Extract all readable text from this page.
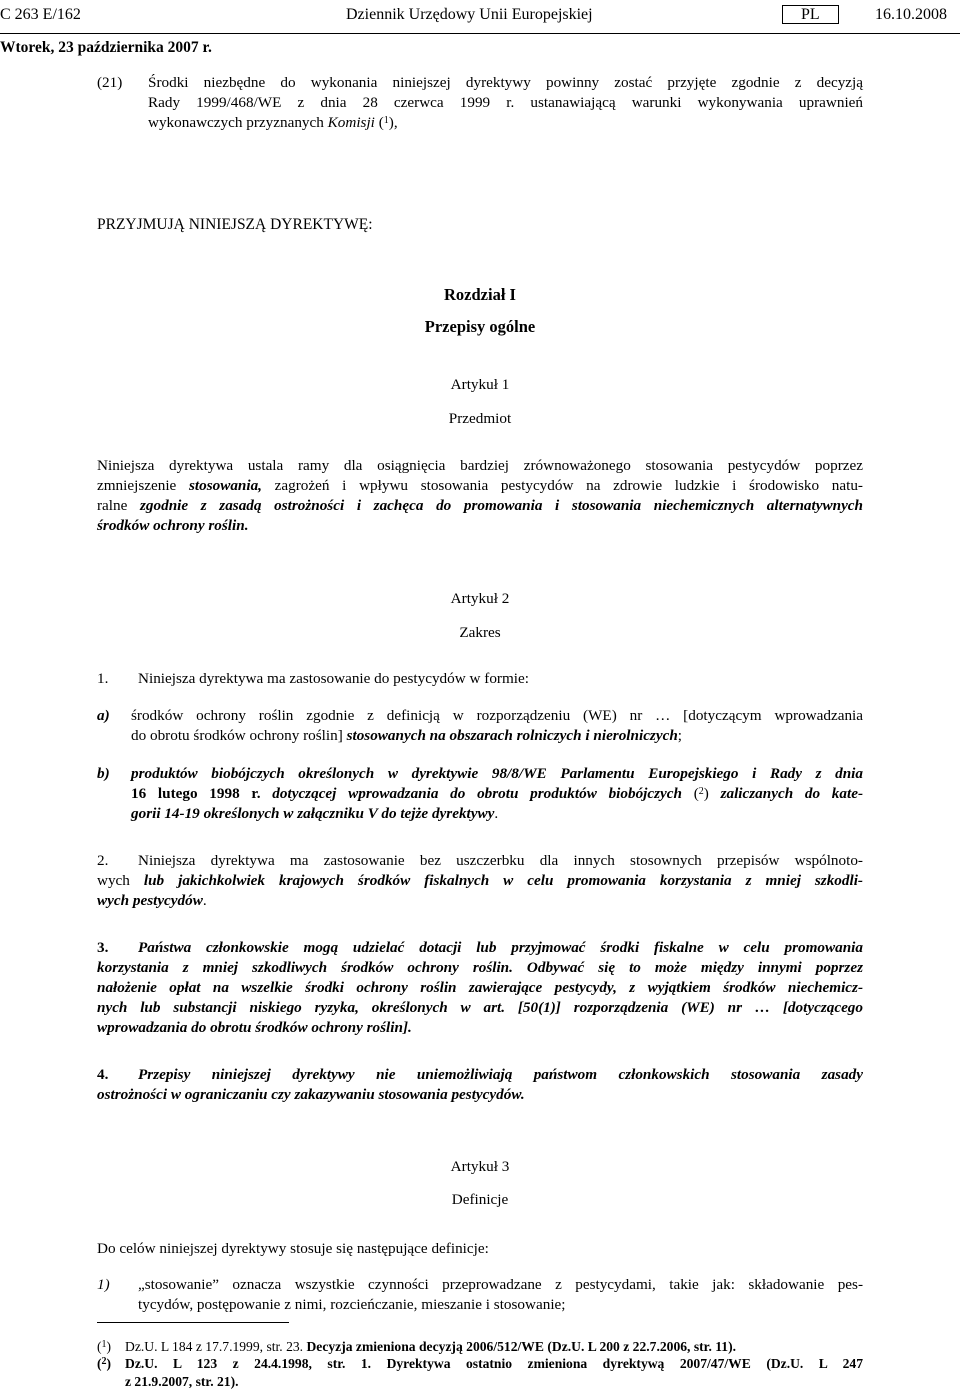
C 263 E/162	Dziennik Urzędowy Unii Europejskiej	PL	16.10.2008
Wtorek, 23 października 2007 r.
(21) Środki niezbędne do wykonania niniejszej dyrektywy powinny zostać przyjęte zgodnie z decyzją
Rady 1999/468/WE z dnia 28 czerwca 1999 r. ustanawiającą warunki wykonywania uprawnień
wykonawczych przyznanych Komisji ($^1$),
PRZYJMUJĄ NINIEJSZĄ DYREKTYWĘ:
Rozdział I
Przepisy ogólne
Artykuł 1
Przedmiot
Niniejsza dyrektywa ustala ramy dla osiągnięcia bardziej zrównoważonego stosowania pestycydów poprzez
zmniejszenie stosowania, zagrożeń i wpływu stosowania pestycydów na zdrowie ludzkie i środowisko natu-
ralne zgodnie z zasadą ostrożności i zachęca do promowania i stosowania niechemicznych alternatywnych
środków ochrony roślin.
Artykuł 2
Zakres
1. Niniejsza dyrektywa ma zastosowanie do pestycydów w formie:
a) środków ochrony roślin zgodnie z definicją w rozporządzeniu (WE) nr … [dotyczącym wprowadzania
do obrotu środków ochrony roślin] stosowanych na obszarach rolniczych i nierolniczych;
b) produktów biobójczych określonych w dyrektywie 98/8/WE Parlamentu Europejskiego i Rady z dnia
16 lutego 1998 r. dotyczącej wprowadzania do obrotu produktów biobójczych ($^2$) zaliczanych do kate-
gorii 14-19 określonych w załączniku V do tejże dyrektywy.
2.	Niniejsza dyrektywa ma zastosowanie bez uszczerbku dla innych stosownych przepisów wspólnoto-
wych lub jakichkolwiek krajowych środków fiskalnych w celu promowania korzystania z mniej szkodli-
wych pestycydów.
3.	Państwa członkowskie mogą udzielać dotacji lub przyjmować środki fiskalne w celu promowania
korzystania z mniej szkodliwych środków ochrony roślin. Odbywać się to może między innymi poprzez
nałożenie opłat na wszelkie środki ochrony roślin zawierające pestycydy, z wyjątkiem środków niechemicz-
nych lub substancji niskiego ryzyka, określonych w art. [50(1)] rozporządzenia (WE) nr … [dotyczącego
wprowadzania do obrotu środków ochrony roślin].
4.	Przepisy niniejszej dyrektywy nie uniemożliwiają państwom członkowskich stosowania zasady
ostrożności w ograniczaniu czy zakazywaniu stosowania pestycydów.
Artykuł 3
Definicje
Do celów niniejszej dyrektywy stosuje się następujące definicje:
1) „stosowanie” oznacza wszystkie czynności przeprowadzane z pestycydami, takie jak: składowanie pes-
tycydów, postępowanie z nimi, rozcieńczanie, mieszanie i stosowanie;
($^1$) Dz.U. L 184 z 17.7.1999, str. 23. Decyzja zmieniona decyzją 2006/512/WE (Dz.U. L 200 z 22.7.2006, str. 11).
($^2$) Dz.U. L 123 z 24.4.1998, str. 1. Dyrektywa ostatnio zmieniona dyrektywą 2007/47/WE (Dz.U. L 247
z 21.9.2007, str. 21).
